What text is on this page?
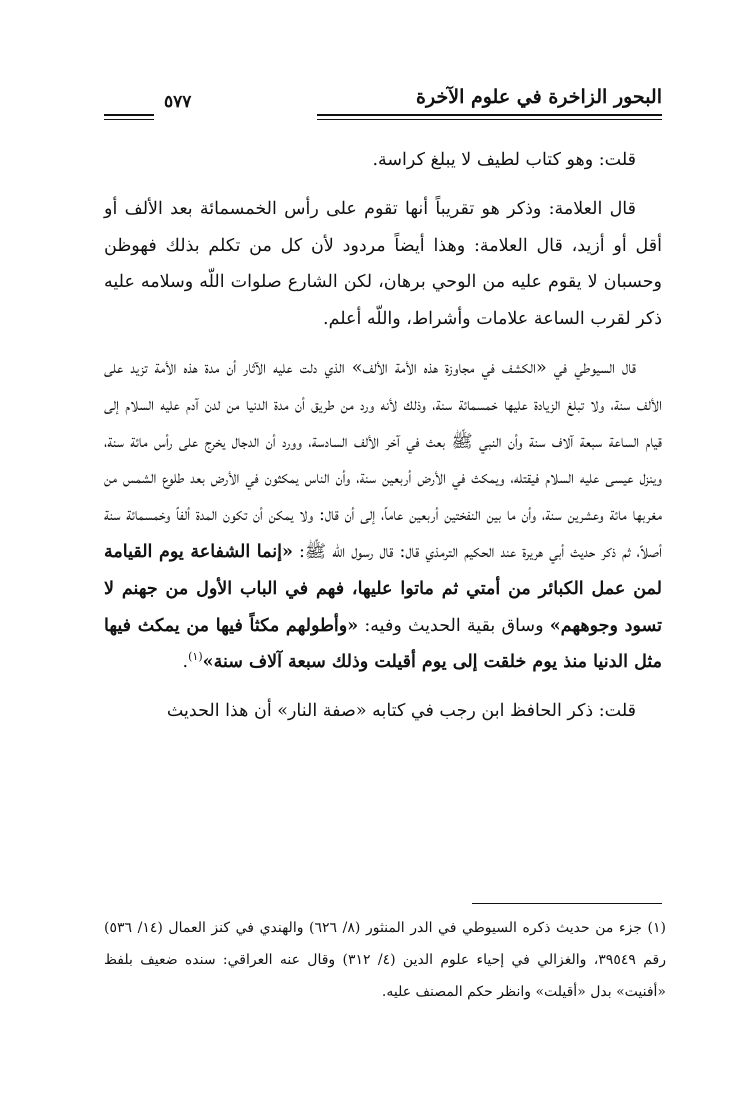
البحور الزاخرة في علوم الآخرة
٥٧٧

قلت: وهو كتاب لطيف لا يبلغ كراسة.

قال العلامة: وذكر هو تقريباً أنها تقوم على رأس الخمسمائة بعد الألف أو أقل أو أزيد، قال العلامة: وهذا أيضاً مردود لأن كل من تكلم بذلك فهوظن وحسبان لا يقوم عليه من الوحي برهان، لكن الشارع صلوات اللّه وسلامه عليه ذكر لقرب الساعة علامات وأشراط، واللّه أعلم.

قال السيوطي في «الكشف في مجاوزة هذه الأمة الألف» الذي دلت عليه الآثار أن مدة هذه الأمة تزيد على الألف سنة، ولا تبلغ الزيادة عليها خمسمائة سنة، وذلك لأنه ورد من طريق أن مدة الدنيا من لدن آدم عليه السلام إلى قيام الساعة سبعة آلاف سنة وأن النبي ﷺ بعث في آخر الألف السادسة، وورد أن الدجال يخرج على رأس مائة سنة، وينزل عيسى عليه السلام فيقتله، ويمكث في الأرض أربعين سنة، وأن الناس يمكثون في الأرض بعد طلوع الشمس من مغربها مائة وعشرين سنة، وأن ما بين النفختين أربعين عاماً، إلى أن قال: ولا يمكن أن تكون المدة ألفاً وخمسمائة سنة أصلاً، ثم ذكر حديث أبي هريرة عند الحكيم الترمذي قال: قال رسول اللّه ﷺ: «إنما الشفاعة يوم القيامة لمن عمل الكبائر من أمتي ثم ماتوا عليها، فهم في الباب الأول من جهنم لا تسود وجوههم» وساق بقية الحديث وفيه: «وأطولهم مكثاً فيها من يمكث فيها مثل الدنيا منذ يوم خلقت إلى يوم أقيلت وذلك سبعة آلاف سنة»$^{(١)}$.

قلت: ذكر الحافظ ابن رجب في كتابه «صفة النار» أن هذا الحديث

(١) جزء من حديث ذكره السيوطي في الدر المنثور (٨/ ٦٢٦) والهندي في كنز العمال (١٤/ ٥٣٦) رقم ٣٩٥٤٩، والغزالي في إحياء علوم الدين (٤/ ٣١٢) وقال عنه العراقي: سنده ضعيف بلفظ «أفنيت» بدل «أقيلت» وانظر حكم المصنف عليه.
